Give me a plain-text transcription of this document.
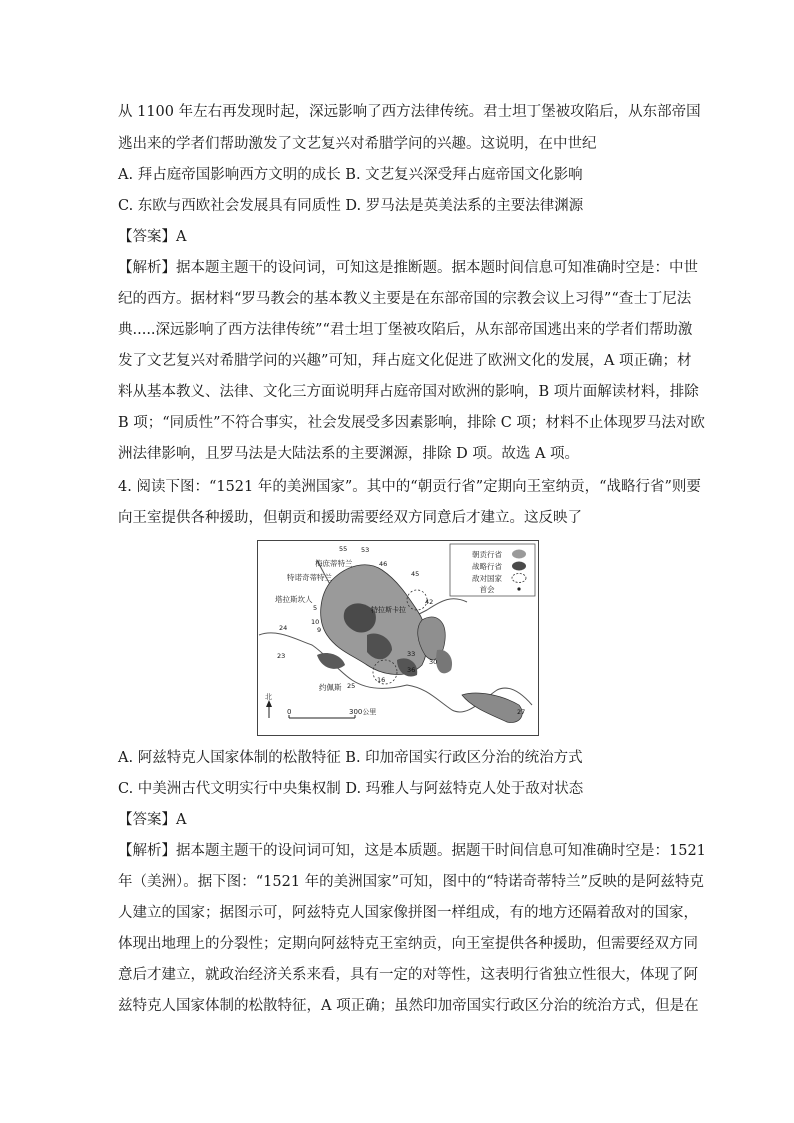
从 1100 年左右再发现时起，深远影响了西方法律传统。君士坦丁堡被攻陷后，从东部帝国
逃出来的学者们帮助激发了文艺复兴对希腊学问的兴趣。这说明，在中世纪
A. 拜占庭帝国影响西方文明的成长 B. 文艺复兴深受拜占庭帝国文化影响
C. 东欧与西欧社会发展具有同质性 D. 罗马法是英美法系的主要法律渊源
【答案】A
【解析】据本题主题干的设问词，可知这是推断题。据本题时间信息可知准确时空是：中世
纪的西方。据材料“罗马教会的基本教义主要是在东部帝国的宗教会议上习得”“查士丁尼法
典.....深远影响了西方法律传统”“君士坦丁堡被攻陷后，从东部帝国逃出来的学者们帮助激
发了文艺复兴对希腊学问的兴趣”可知，拜占庭文化促进了欧洲文化的发展，A 项正确；材
料从基本教义、法律、文化三方面说明拜占庭帝国对欧洲的影响，B 项片面解读材料，排除
B 项；“同质性”不符合事实，社会发展受多因素影响，排除 C 项；材料不止体现罗马法对欧
洲法律影响，且罗马法是大陆法系的主要渊源，排除 D 项。故选 A 项。
4. 阅读下图：“1521 年的美洲国家”。其中的“朝贡行省”定期向王室纳贡，“战略行省”则要
向王室提供各种援助，但朝贡和援助需要经双方同意后才建立。这反映了
朝贡行省
战略行省
敌对国家
首会
梅庶蒂特兰
特诺奇蒂特兰
塔拉斯坎人
特拉斯卡拉
约佩斯
55 53
46
45
42
5
10
9
24
23	33
30
16
36
25
27
北
0	300公里
A. 阿兹特克人国家体制的松散特征 B. 印加帝国实行政区分治的统治方式
C. 中美洲古代文明实行中央集权制 D. 玛雅人与阿兹特克人处于敌对状态
【答案】A
【解析】据本题主题干的设问词可知，这是本质题。据题干时间信息可知准确时空是：1521
年（美洲）。据下图：“1521 年的美洲国家”可知，图中的“特诺奇蒂特兰”反映的是阿兹特克
人建立的国家；据图示可，阿兹特克人国家像拼图一样组成，有的地方还隔着敌对的国家，
体现出地理上的分裂性；定期向阿兹特克王室纳贡，向王室提供各种援助，但需要经双方同
意后才建立，就政治经济关系来看，具有一定的对等性，这表明行省独立性很大，体现了阿
兹特克人国家体制的松散特征，A 项正确；虽然印加帝国实行政区分治的统治方式，但是在
